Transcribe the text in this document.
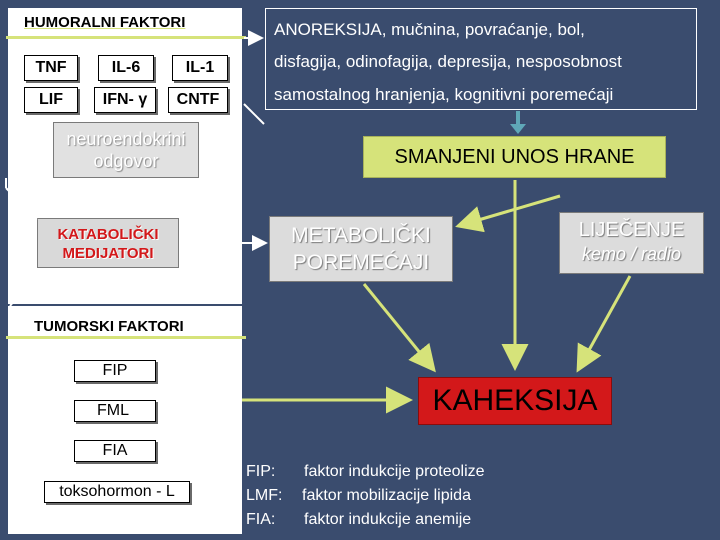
HUMORALNI FAKTORI
TNF	IL-6	IL-1
LIF	IFN- γ	CNTF
neuroendokrini
odgovor
KATABOLIČKI
MEDIJATORI
TUMORSKI FAKTORI
FIP
FML
FIA
toksohormon - L
ANOREKSIJA, mučnina, povraćanje, bol,
disfagija, odinofagija, depresija, nesposobnost
samostalnog hranjenja, kognitivni poremećaji
SMANJENI UNOS HRANE
METABOLIČKI
POREMEĆAJI
LIJEČENJE
kemo / radio
KAHEKSIJA
FIP:	faktor indukcije proteolize
LMF:	faktor mobilizacije lipida
FIA:	faktor indukcije anemije
